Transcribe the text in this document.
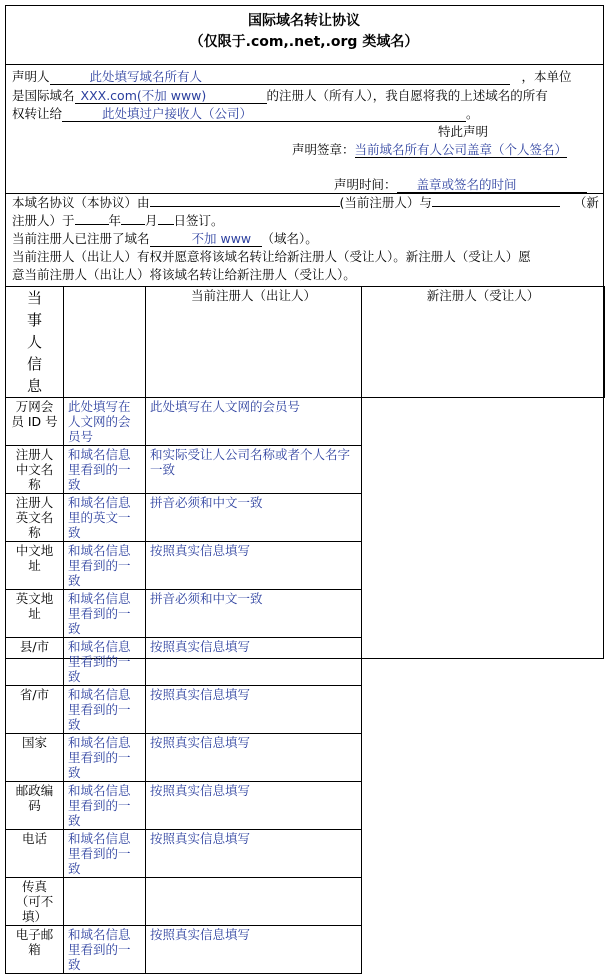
国际域名转让协议
（仅限于.com,.net,.org 类域名）
声明人	此处填写域名所有人	，本单位
是国际域名 XXX.com(不加 www)	的注册人（所有人），我自愿将我的上述域名的所有
权转让给	此处填过户接收人（公司）	。
特此声明
声明签章：当前域名所有人公司盖章（个人签名）
声明时间： 盖章或签名的时间
本域名协议（本协议）由	(当前注册人）与	（新
注册人）于	年 月 日签订。
当前注册人已注册了域名	不加 www （域名）。
当前注册人（出让人）有权并愿意将该域名转让给新注册人（受让人）。新注册人（受让人）愿
意当前注册人（出让人）将该域名转让给新注册人（受让人）。
当
事
人
信
息		当前注册人（出让人）	新注册人（受让人）
万网会员 ID 号	此处填写在人文网的会员号	此处填写在人文网的会员号	
注册人中文名称	和域名信息里看到的一致	和实际受让人公司名称或者个人名字一致	
注册人英文名称	和域名信息里的英文一致	拼音必须和中文一致	
中文地址	和域名信息里看到的一致	按照真实信息填写	
英文地址	和域名信息里看到的一致	拼音必须和中文一致	
县/市	和域名信息里看到的一致	按照真实信息填写	
省/市	和域名信息里看到的一致	按照真实信息填写	
国家	和域名信息里看到的一致	按照真实信息填写	
邮政编码	和域名信息里看到的一致	按照真实信息填写	
电话	和域名信息里看到的一致	按照真实信息填写	
传真（可不填）			
电子邮箱	和域名信息里看到的一致	按照真实信息填写	
